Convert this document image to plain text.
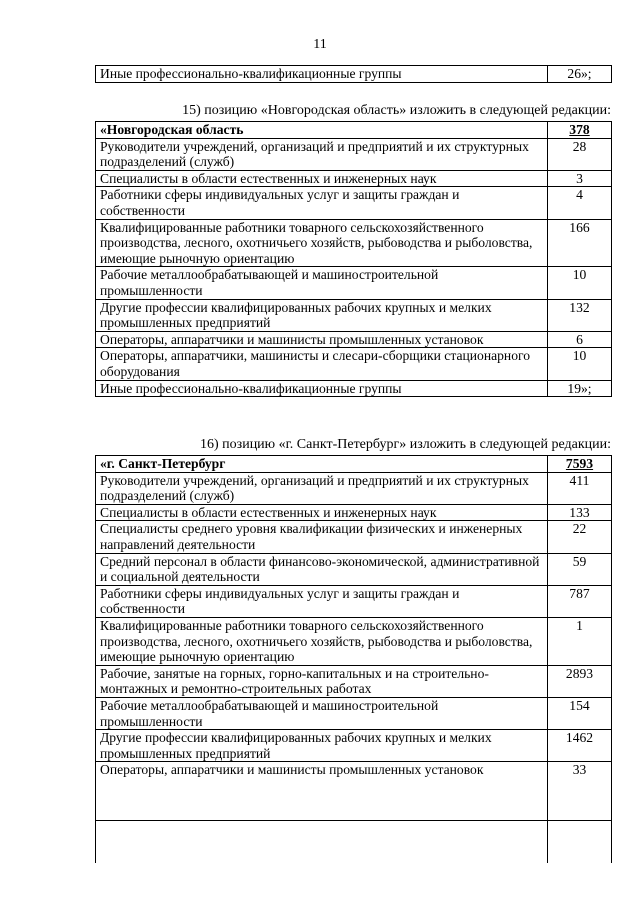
11
Иные профессионально-квалификационные группы	26»;
15) позицию «Новгородская область» изложить в следующей редакции:
«Новгородская область	378
Руководители учреждений, организаций и предприятий и их структурных подразделений (служб)	28
Специалисты в области естественных и инженерных наук	3
Работники сферы индивидуальных услуг и защиты граждан и собственности	4
Квалифицированные работники товарного сельскохозяйственного производства, лесного, охотничьего хозяйств, рыбоводства и рыболовства, имеющие рыночную ориентацию	166
Рабочие металлообрабатывающей и машиностроительной промышленности	10
Другие профессии квалифицированных рабочих крупных и мелких промышленных предприятий	132
Операторы, аппаратчики и машинисты промышленных установок	6
Операторы, аппаратчики, машинисты и слесари-сборщики стационарного оборудования	10
Иные профессионально-квалификационные группы	19»;
16) позицию «г. Санкт-Петербург» изложить в следующей редакции:
«г. Санкт-Петербург	7593
Руководители учреждений, организаций и предприятий и их структурных подразделений (служб)	411
Специалисты в области естественных и инженерных наук	133
Специалисты среднего уровня квалификации физических и инженерных направлений деятельности	22
Средний персонал в области финансово-экономической, административной и социальной деятельности	59
Работники сферы индивидуальных услуг и защиты граждан и собственности	787
Квалифицированные работники товарного сельскохозяйственного производства, лесного, охотничьего хозяйств, рыбоводства и рыболовства, имеющие рыночную ориентацию	1
Рабочие, занятые на горных, горно-капитальных и на строительно-монтажных и ремонтно-строительных работах	2893
Рабочие металлообрабатывающей и машиностроительной промышленности	154
Другие профессии квалифицированных рабочих крупных и мелких промышленных предприятий	1462
Операторы, аппаратчики и машинисты промышленных установок	33
